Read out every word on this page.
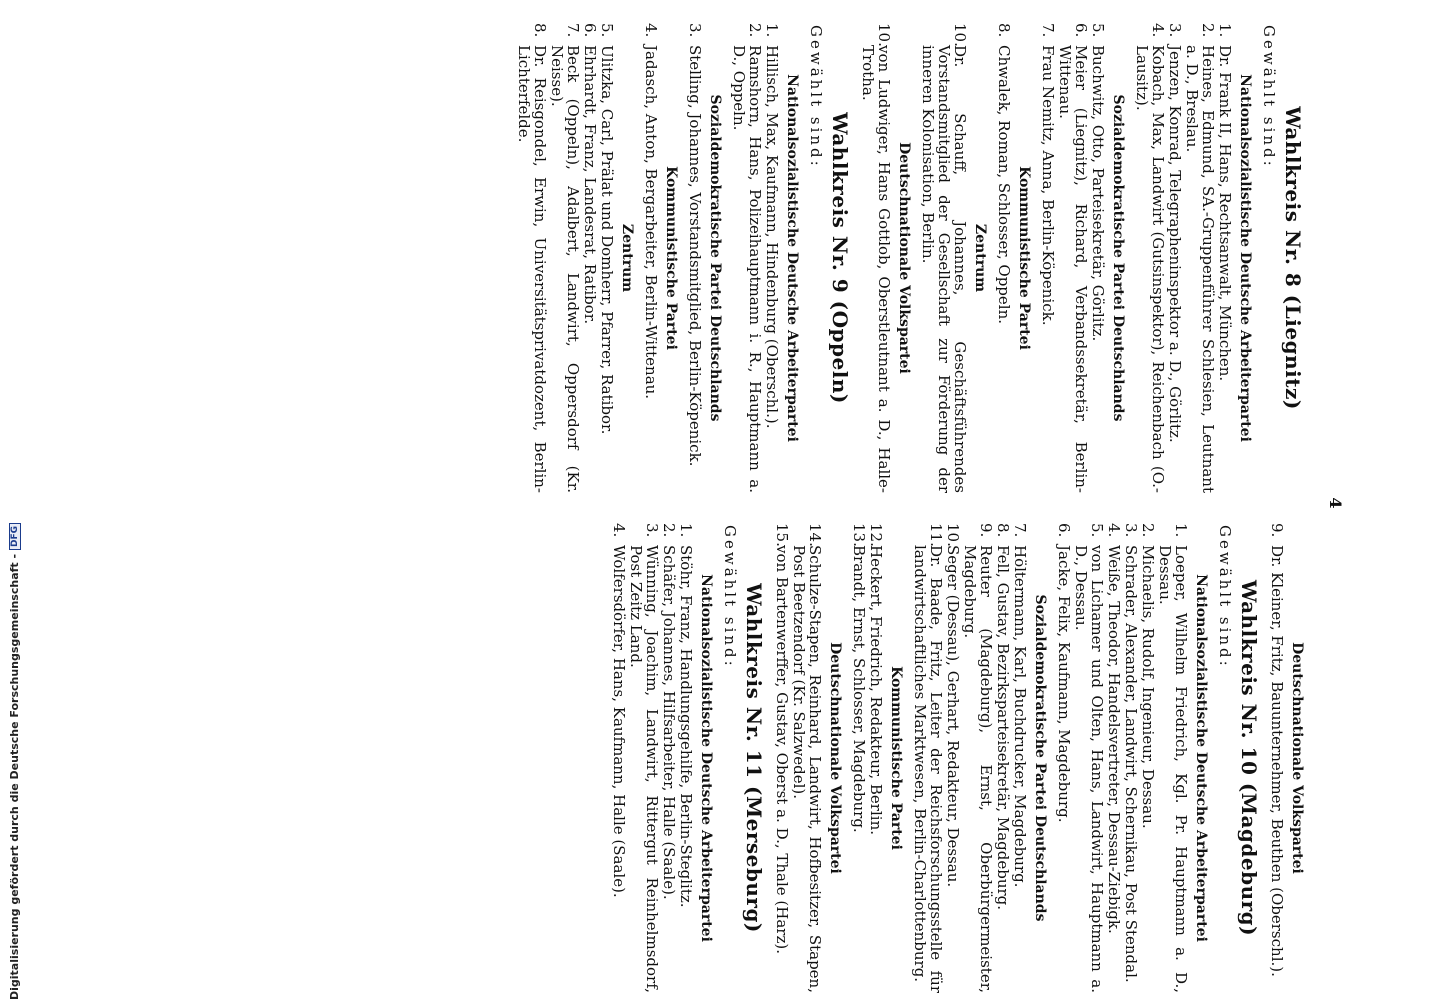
4
Wahlkreis Nr. 8 (Liegnitz)
Gewählt sind:
Nationalsozialistische Deutsche Arbeiterpartei
1.
Dr. Frank II, Hans, Rechtsanwalt, München.
2.
Heines, Edmund, SA.-Gruppenführer Schlesien, Leutnant a. D., Breslau.
3.
Jenzen, Konrad, Telegrapheninspektor a. D., Görlitz.
4.
Kobach, Max, Landwirt (Gutsinspektor), Reichenbach (O.-Lausitz).
Sozialdemokratische Partei Deutschlands
5.
Buchwitz, Otto, Parteisekretär, Görlitz.
6.
Meier (Liegnitz), Richard, Verbandssekretär, Berlin-Wittenau.
7.
Frau Nemitz, Anna, Berlin-Köpenick.
Kommunistische Partei
8.
Chwalek, Roman, Schlosser, Oppeln.
Zentrum
10.
Dr. Schauff, Johannes, Geschäftsführendes Vorstandsmitglied der Gesellschaft zur Förderung der inneren Kolonisation, Berlin.
Deutschnationale Volkspartei
10.
von Ludwiger, Hans Gottlob, Oberstleutnant a. D., Halle-Trotha.
Wahlkreis Nr. 9 (Oppeln)
Gewählt sind:
Nationalsozialistische Deutsche Arbeiterpartei
1.
Hillisch, Max, Kaufmann, Hindenburg (Oberschl.).
2.
Ramshorn, Hans, Polizeihauptmann i. R., Hauptmann a. D., Oppeln.
Sozialdemokratische Partei Deutschlands
3.
Stelling, Johannes, Vorstandsmitglied, Berlin-Köpenick.
Kommunistische Partei
4.
Jadasch, Anton, Bergarbeiter, Berlin-Wittenau.
Zentrum
5.
Ulitzka, Carl, Prälat und Domherr, Pfarrer, Ratibor.
6.
Ehrhardt, Franz, Landesrat, Ratibor.
7.
Beck (Oppeln), Adalbert, Landwirt, Oppersdorf (Kr. Neisse).
8.
Dr. Reisgondel, Erwin, Universitätsprivatdozent, Berlin-Lichterfelde.
Deutschnationale Volkspartei
9.
Dr. Kleiner, Fritz, Bauunternehmer, Beuthen (Oberschl.).
Wahlkreis Nr. 10 (Magdeburg)
Gewählt sind:
Nationalsozialistische Deutsche Arbeiterpartei
1.
Loeper, Wilhelm Friedrich, Kgl. Pr. Hauptmann a. D., Dessau.
2.
Michaelis, Rudolf, Ingenieur, Dessau.
3.
Schrader, Alexander, Landwirt, Schernikau, Post Stendal.
4.
Weiße, Theodor, Handelsvertreter, Dessau-Ziebigk.
5.
von Lichamer und Olten, Hans, Landwirt, Hauptmann a. D., Dessau.
6.
Jacke, Felix, Kaufmann, Magdeburg.
Sozialdemokratische Partei Deutschlands
7.
Höltermann, Karl, Buchdrucker, Magdeburg.
8.
Fell, Gustav, Bezirksparteisekretär, Magdeburg.
9.
Reuter (Magdeburg), Ernst, Oberbürgermeister, Magdeburg.
10.
Seger (Dessau), Gerhart, Redakteur, Dessau.
11.
Dr. Baade, Fritz, Leiter der Reichsforschungsstelle für landwirtschaftliches Marktwesen, Berlin-Charlottenburg.
Kommunistische Partei
12.
Heckert, Friedrich, Redakteur, Berlin.
13.
Brandt, Ernst, Schlosser, Magdeburg.
Deutschnationale Volkspartei
14.
Schulze-Stapen, Reinhard, Landwirt, Hofbesitzer, Stapen, Post Beetzendorf (Kr. Salzwedel).
15.
von Bartenwerffer, Gustav, Oberst a. D., Thale (Harz).
Wahlkreis Nr. 11 (Merseburg)
Gewählt sind:
Nationalsozialistische Deutsche Arbeiterpartei
1.
Stöhr, Franz, Handlungsgehilfe, Berlin-Steglitz.
2.
Schäfer, Johannes, Hilfsarbeiter, Halle (Saale).
3.
Wünning, Joachim, Landwirt, Rittergut Reinhelmsdorf, Post Zeitz Land.
4.
Wolfersdörfer, Hans, Kaufmann, Halle (Saale).
Digitalisierung gefördert durch die Deutsche Forschungsgemeinschaft -
DFG
